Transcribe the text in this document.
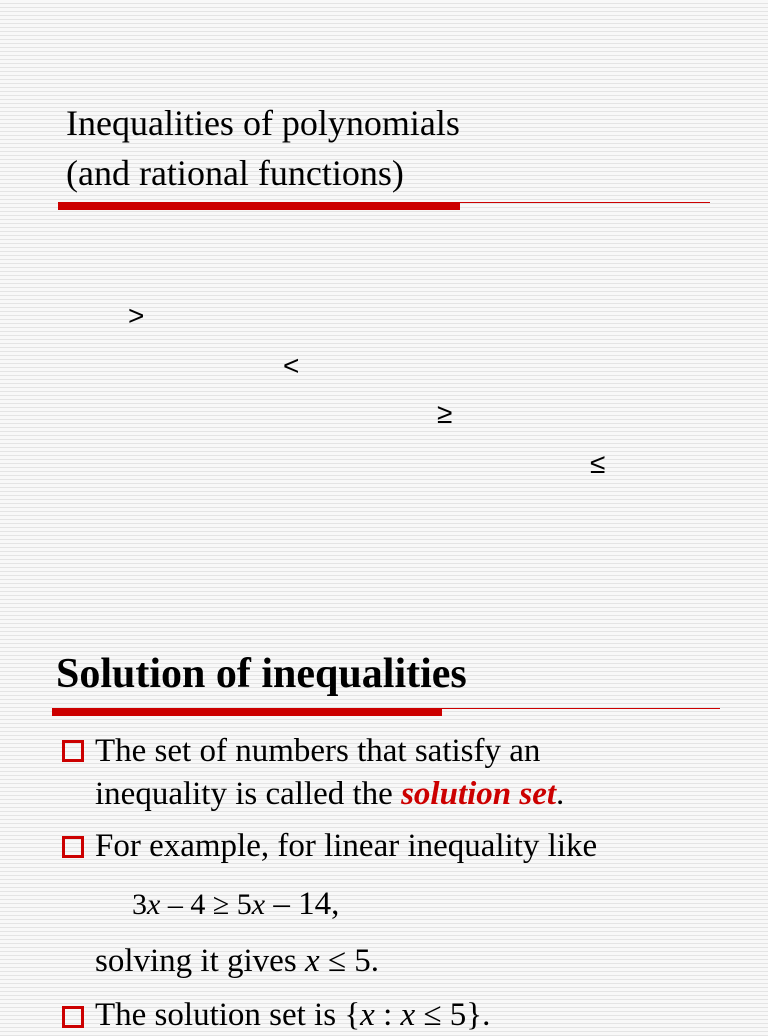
Inequalities of polynomials
(and rational functions)
>
<
≥
≤
Solution of inequalities
The set of numbers that satisfy an
inequality is called the solution set.
For example, for linear inequality like
3x – 4 ≥ 5x – 14,
solving it gives x ≤ 5.
The solution set is {x : x ≤ 5}.
